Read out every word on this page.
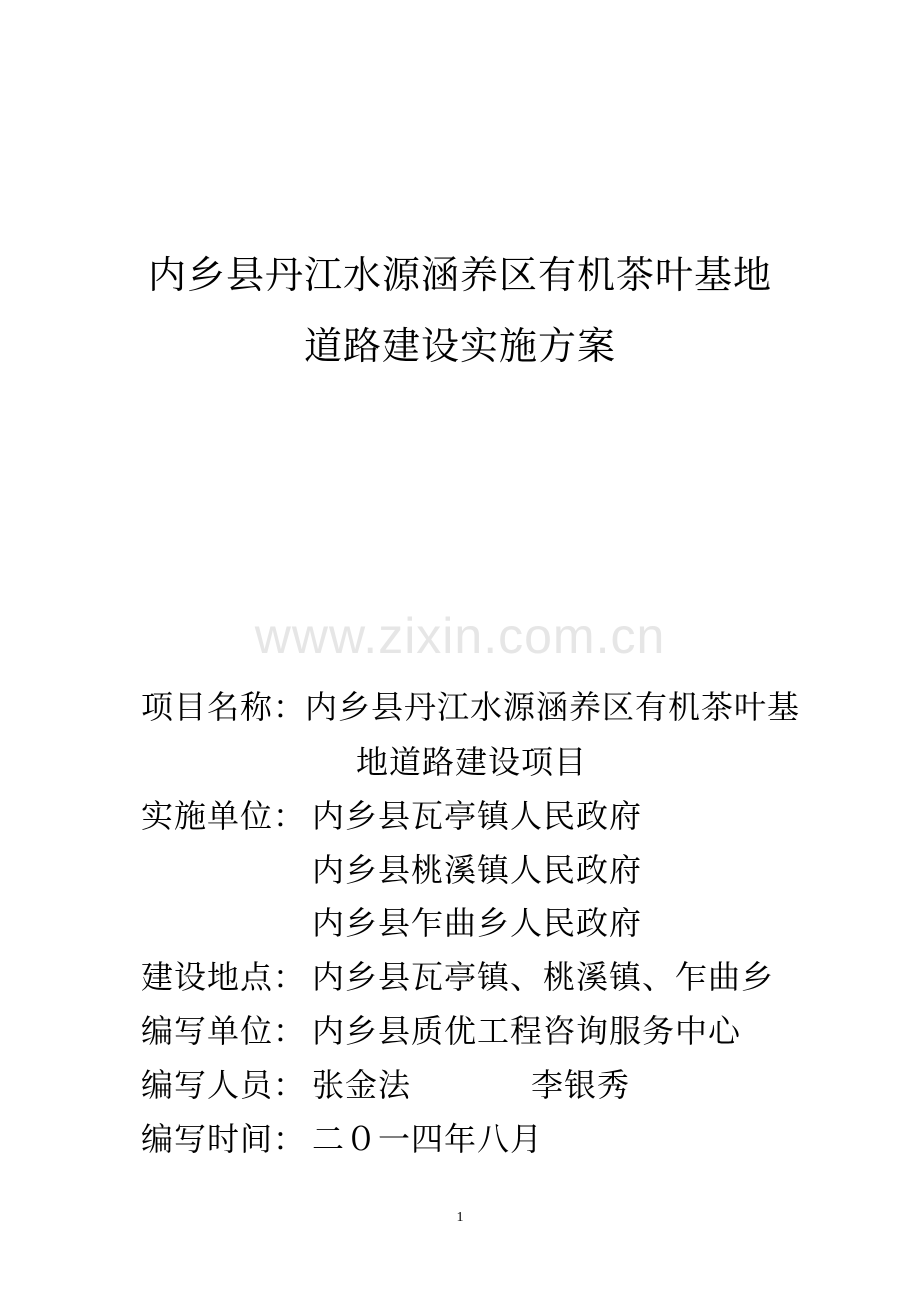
内乡县丹江水源涵养区有机茶叶基地
道路建设实施方案
www.zixin.com.cn
项目名称：
内乡县丹江水源涵养区有机茶叶基
地道路建设项目
实施单位： 内乡县瓦亭镇人民政府
内乡县桃溪镇人民政府
内乡县乍曲乡人民政府
建设地点： 内乡县瓦亭镇、桃溪镇、乍曲乡
编写单位： 内乡县质优工程咨询服务中心
编写人员： 张金法	李银秀
编写时间： 二０一四年八月
1
